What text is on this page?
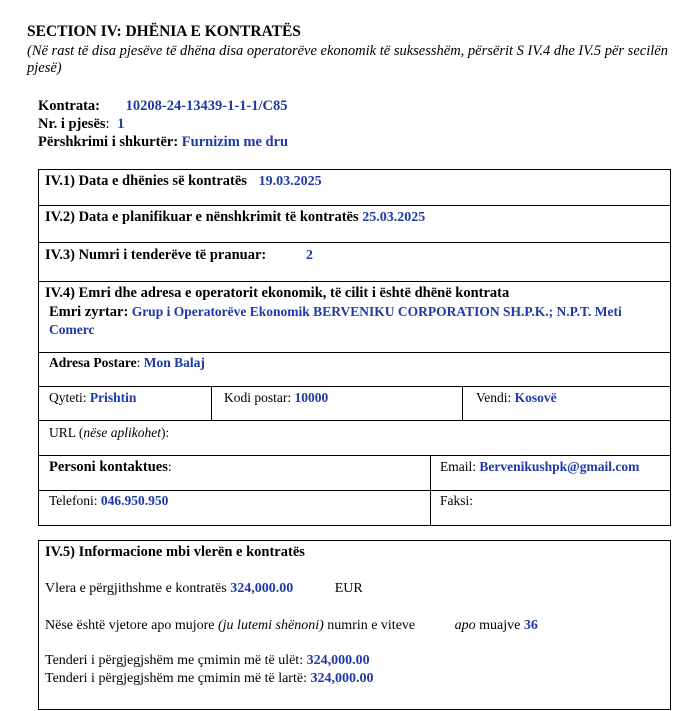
SECTION IV: DHËNIA E KONTRATËS
(Në rast të disa pjesëve të dhëna disa operatorëve ekonomik të suksesshëm, përsërit S IV.4 dhe IV.5 për secilën pjesë)
Kontrata: 10208-24-13439-1-1-1/C85
Nr. i pjesës: 1
Përshkrimi i shkurtër: Furnizim me dru
IV.1) Data e dhënies së kontratës 19.03.2025
IV.2) Data e planifikuar e nënshkrimit të kontratës 25.03.2025
IV.3) Numri i tenderëve të pranuar:	2
IV.4) Emri dhe adresa e operatorit ekonomik, të cilit i është dhënë kontrata
Emri zyrtar: Grup i Operatorëve Ekonomik BERVENIKU CORPORATION SH.P.K.; N.P.T. Meti Comerc
Adresa Postare: Mon Balaj
Qyteti: Prishtin	Kodi postar: 10000	Vendi: Kosovë
URL (nëse aplikohet):
Personi kontaktues:	Email: Bervenikushpk@gmail.com
Telefoni: 046.950.950	Faksi:
IV.5) Informacione mbi vlerën e kontratës
Vlera e përgjithshme e kontratës 324,000.00	EUR
Nëse është vjetore apo mujore (ju lutemi shënoni) numrin e viteve	apo muajve 36
Tenderi i përgjegjshëm me çmimin më të ulët: 324,000.00
Tenderi i përgjegjshëm me çmimin më të lartë: 324,000.00
